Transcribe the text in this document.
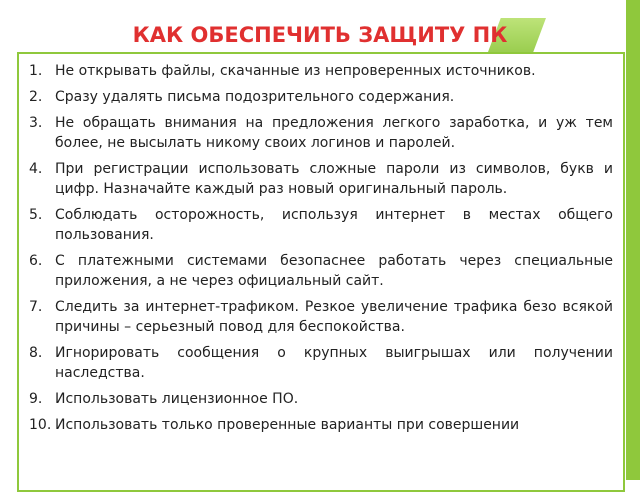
КАК ОБЕСПЕЧИТЬ ЗАЩИТУ ПК
1. Не открывать файлы, скачанные из непроверенных источников.
2. Сразу удалять письма подозрительного содержания.
3. Не обращать внимания на предложения легкого заработка, и уж тем более, не высылать никому своих логинов и паролей.
4. При регистрации использовать сложные пароли из символов, букв и цифр. Назначайте каждый раз новый оригинальный пароль.
5. Соблюдать осторожность, используя интернет в местах общего пользования.
6. С платежными системами безопаснее работать через специальные приложения, а не через официальный сайт.
7. Следить за интернет-трафиком. Резкое увеличение трафика безо всякой причины – серьезный повод для беспокойства.
8. Игнорировать сообщения о крупных выигрышах или получении наследства.
9. Использовать лицензионное ПО.
10. Использовать только проверенные варианты при совершении
